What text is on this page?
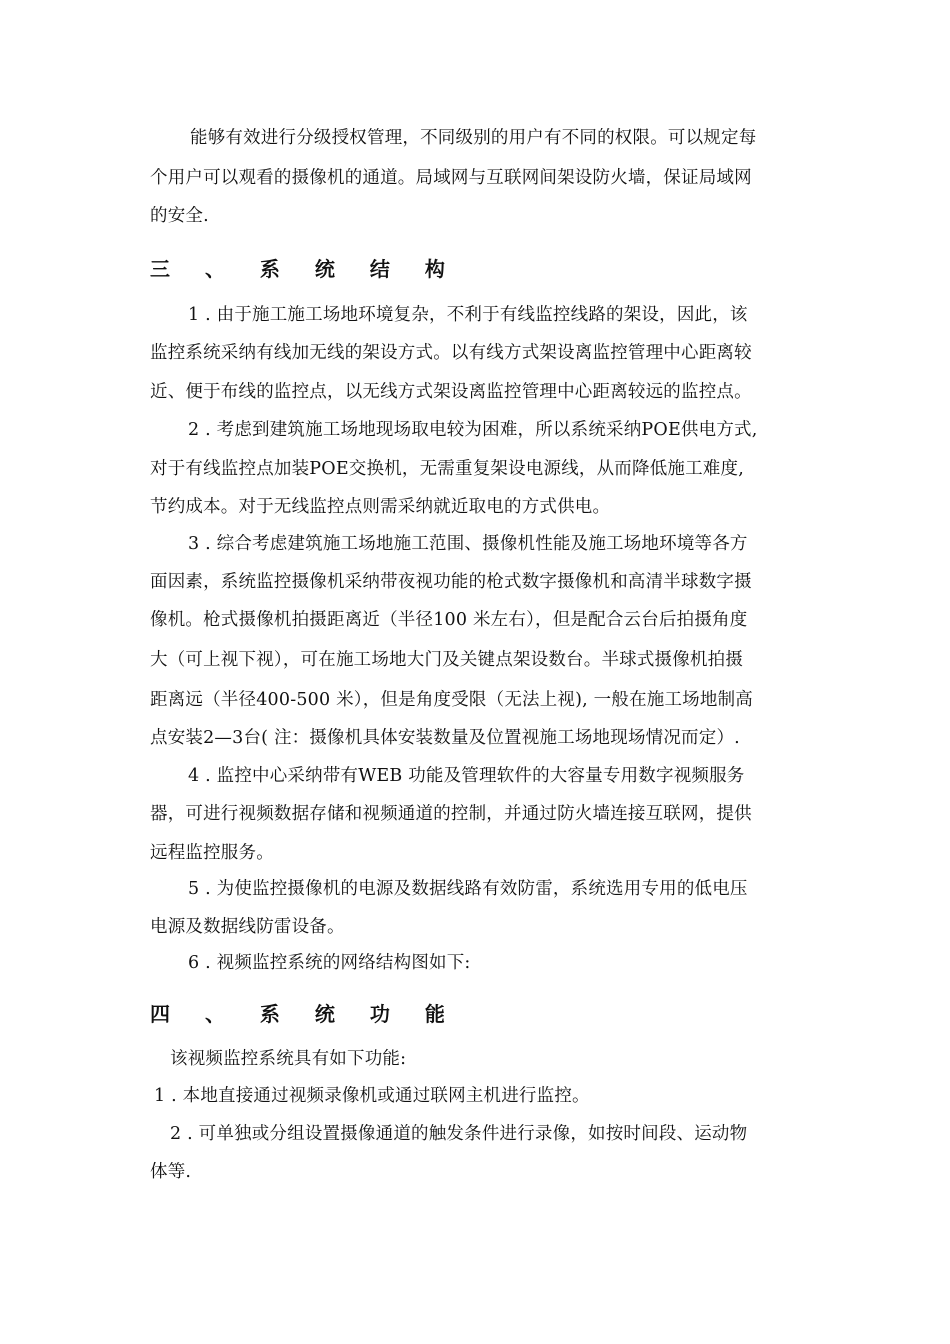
能够有效进行分级授权管理，不同级别的用户有不同的权限。可以规定每
个用户可以观看的摄像机的通道。局域网与互联网间架设防火墙，保证局域网
的安全.
三 、 系 统 结 构
1 . 由于施工施工场地环境复杂，不利于有线监控线路的架设，因此，该
监控系统采纳有线加无线的架设方式。以有线方式架设离监控管理中心距离较
近、便于布线的监控点，以无线方式架设离监控管理中心距离较远的监控点。
2 . 考虑到建筑施工场地现场取电较为困难，所以系统采纳POE供电方式,
对于有线监控点加装POE交换机，无需重复架设电源线，从而降低施工难度,
节约成本。对于无线监控点则需采纳就近取电的方式供电。
3 . 综合考虑建筑施工场地施工范围、摄像机性能及施工场地环境等各方
面因素，系统监控摄像机采纳带夜视功能的枪式数字摄像机和高清半球数字摄
像机。枪式摄像机拍摄距离近（半径100 米左右），但是配合云台后拍摄角度
大（可上视下视），可在施工场地大门及关键点架设数台。半球式摄像机拍摄
距离远（半径400-500 米），但是角度受限（无法上视), 一般在施工场地制高
点安装2—3台( 注：摄像机具体安装数量及位置视施工场地现场情况而定）.
4 . 监控中心采纳带有WEB 功能及管理软件的大容量专用数字视频服务
器，可进行视频数据存储和视频通道的控制，并通过防火墙连接互联网，提供
远程监控服务。
5 . 为使监控摄像机的电源及数据线路有效防雷，系统选用专用的低电压
电源及数据线防雷设备。
6 . 视频监控系统的网络结构图如下:
四 、 系 统 功 能
该视频监控系统具有如下功能:
1 . 本地直接通过视频录像机或通过联网主机进行监控。
2 . 可单独或分组设置摄像通道的触发条件进行录像，如按时间段、运动物
体等.
